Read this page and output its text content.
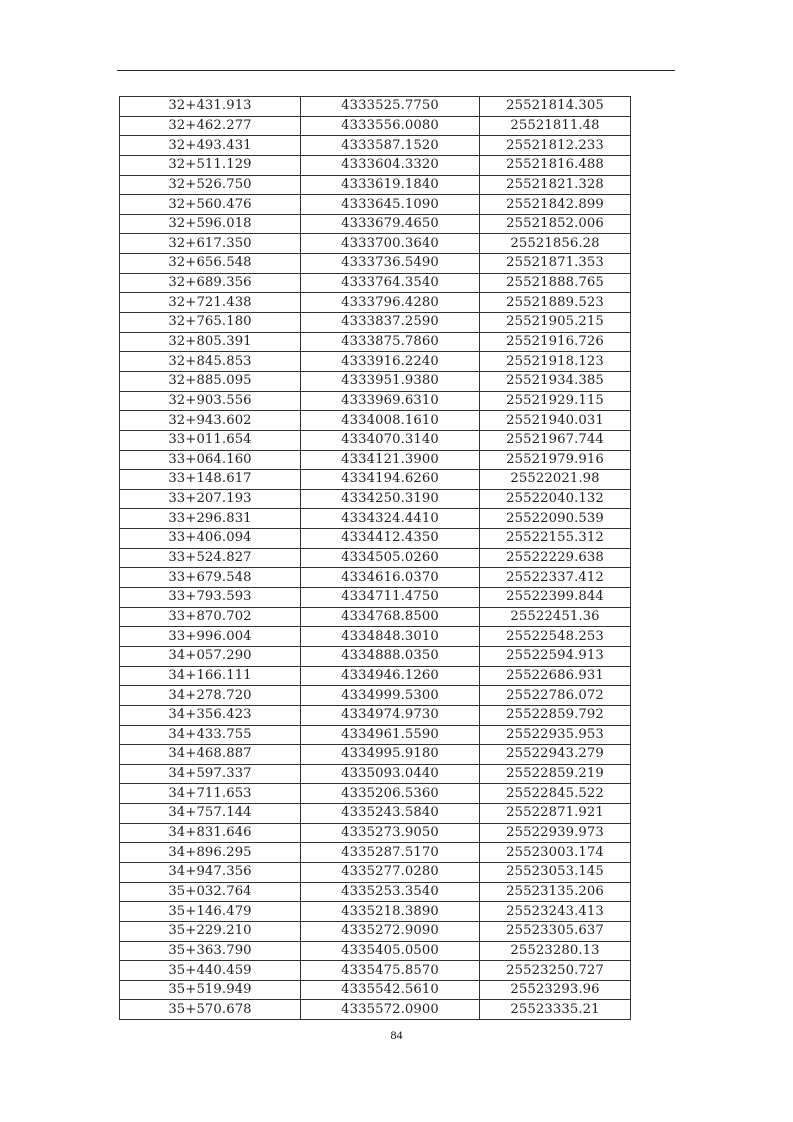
32+431.913	4333525.7750	25521814.305
32+462.277	4333556.0080	25521811.48
32+493.431	4333587.1520	25521812.233
32+511.129	4333604.3320	25521816.488
32+526.750	4333619.1840	25521821.328
32+560.476	4333645.1090	25521842.899
32+596.018	4333679.4650	25521852.006
32+617.350	4333700.3640	25521856.28
32+656.548	4333736.5490	25521871.353
32+689.356	4333764.3540	25521888.765
32+721.438	4333796.4280	25521889.523
32+765.180	4333837.2590	25521905.215
32+805.391	4333875.7860	25521916.726
32+845.853	4333916.2240	25521918.123
32+885.095	4333951.9380	25521934.385
32+903.556	4333969.6310	25521929.115
32+943.602	4334008.1610	25521940.031
33+011.654	4334070.3140	25521967.744
33+064.160	4334121.3900	25521979.916
33+148.617	4334194.6260	25522021.98
33+207.193	4334250.3190	25522040.132
33+296.831	4334324.4410	25522090.539
33+406.094	4334412.4350	25522155.312
33+524.827	4334505.0260	25522229.638
33+679.548	4334616.0370	25522337.412
33+793.593	4334711.4750	25522399.844
33+870.702	4334768.8500	25522451.36
33+996.004	4334848.3010	25522548.253
34+057.290	4334888.0350	25522594.913
34+166.111	4334946.1260	25522686.931
34+278.720	4334999.5300	25522786.072
34+356.423	4334974.9730	25522859.792
34+433.755	4334961.5590	25522935.953
34+468.887	4334995.9180	25522943.279
34+597.337	4335093.0440	25522859.219
34+711.653	4335206.5360	25522845.522
34+757.144	4335243.5840	25522871.921
34+831.646	4335273.9050	25522939.973
34+896.295	4335287.5170	25523003.174
34+947.356	4335277.0280	25523053.145
35+032.764	4335253.3540	25523135.206
35+146.479	4335218.3890	25523243.413
35+229.210	4335272.9090	25523305.637
35+363.790	4335405.0500	25523280.13
35+440.459	4335475.8570	25523250.727
35+519.949	4335542.5610	25523293.96
35+570.678	4335572.0900	25523335.21
84
